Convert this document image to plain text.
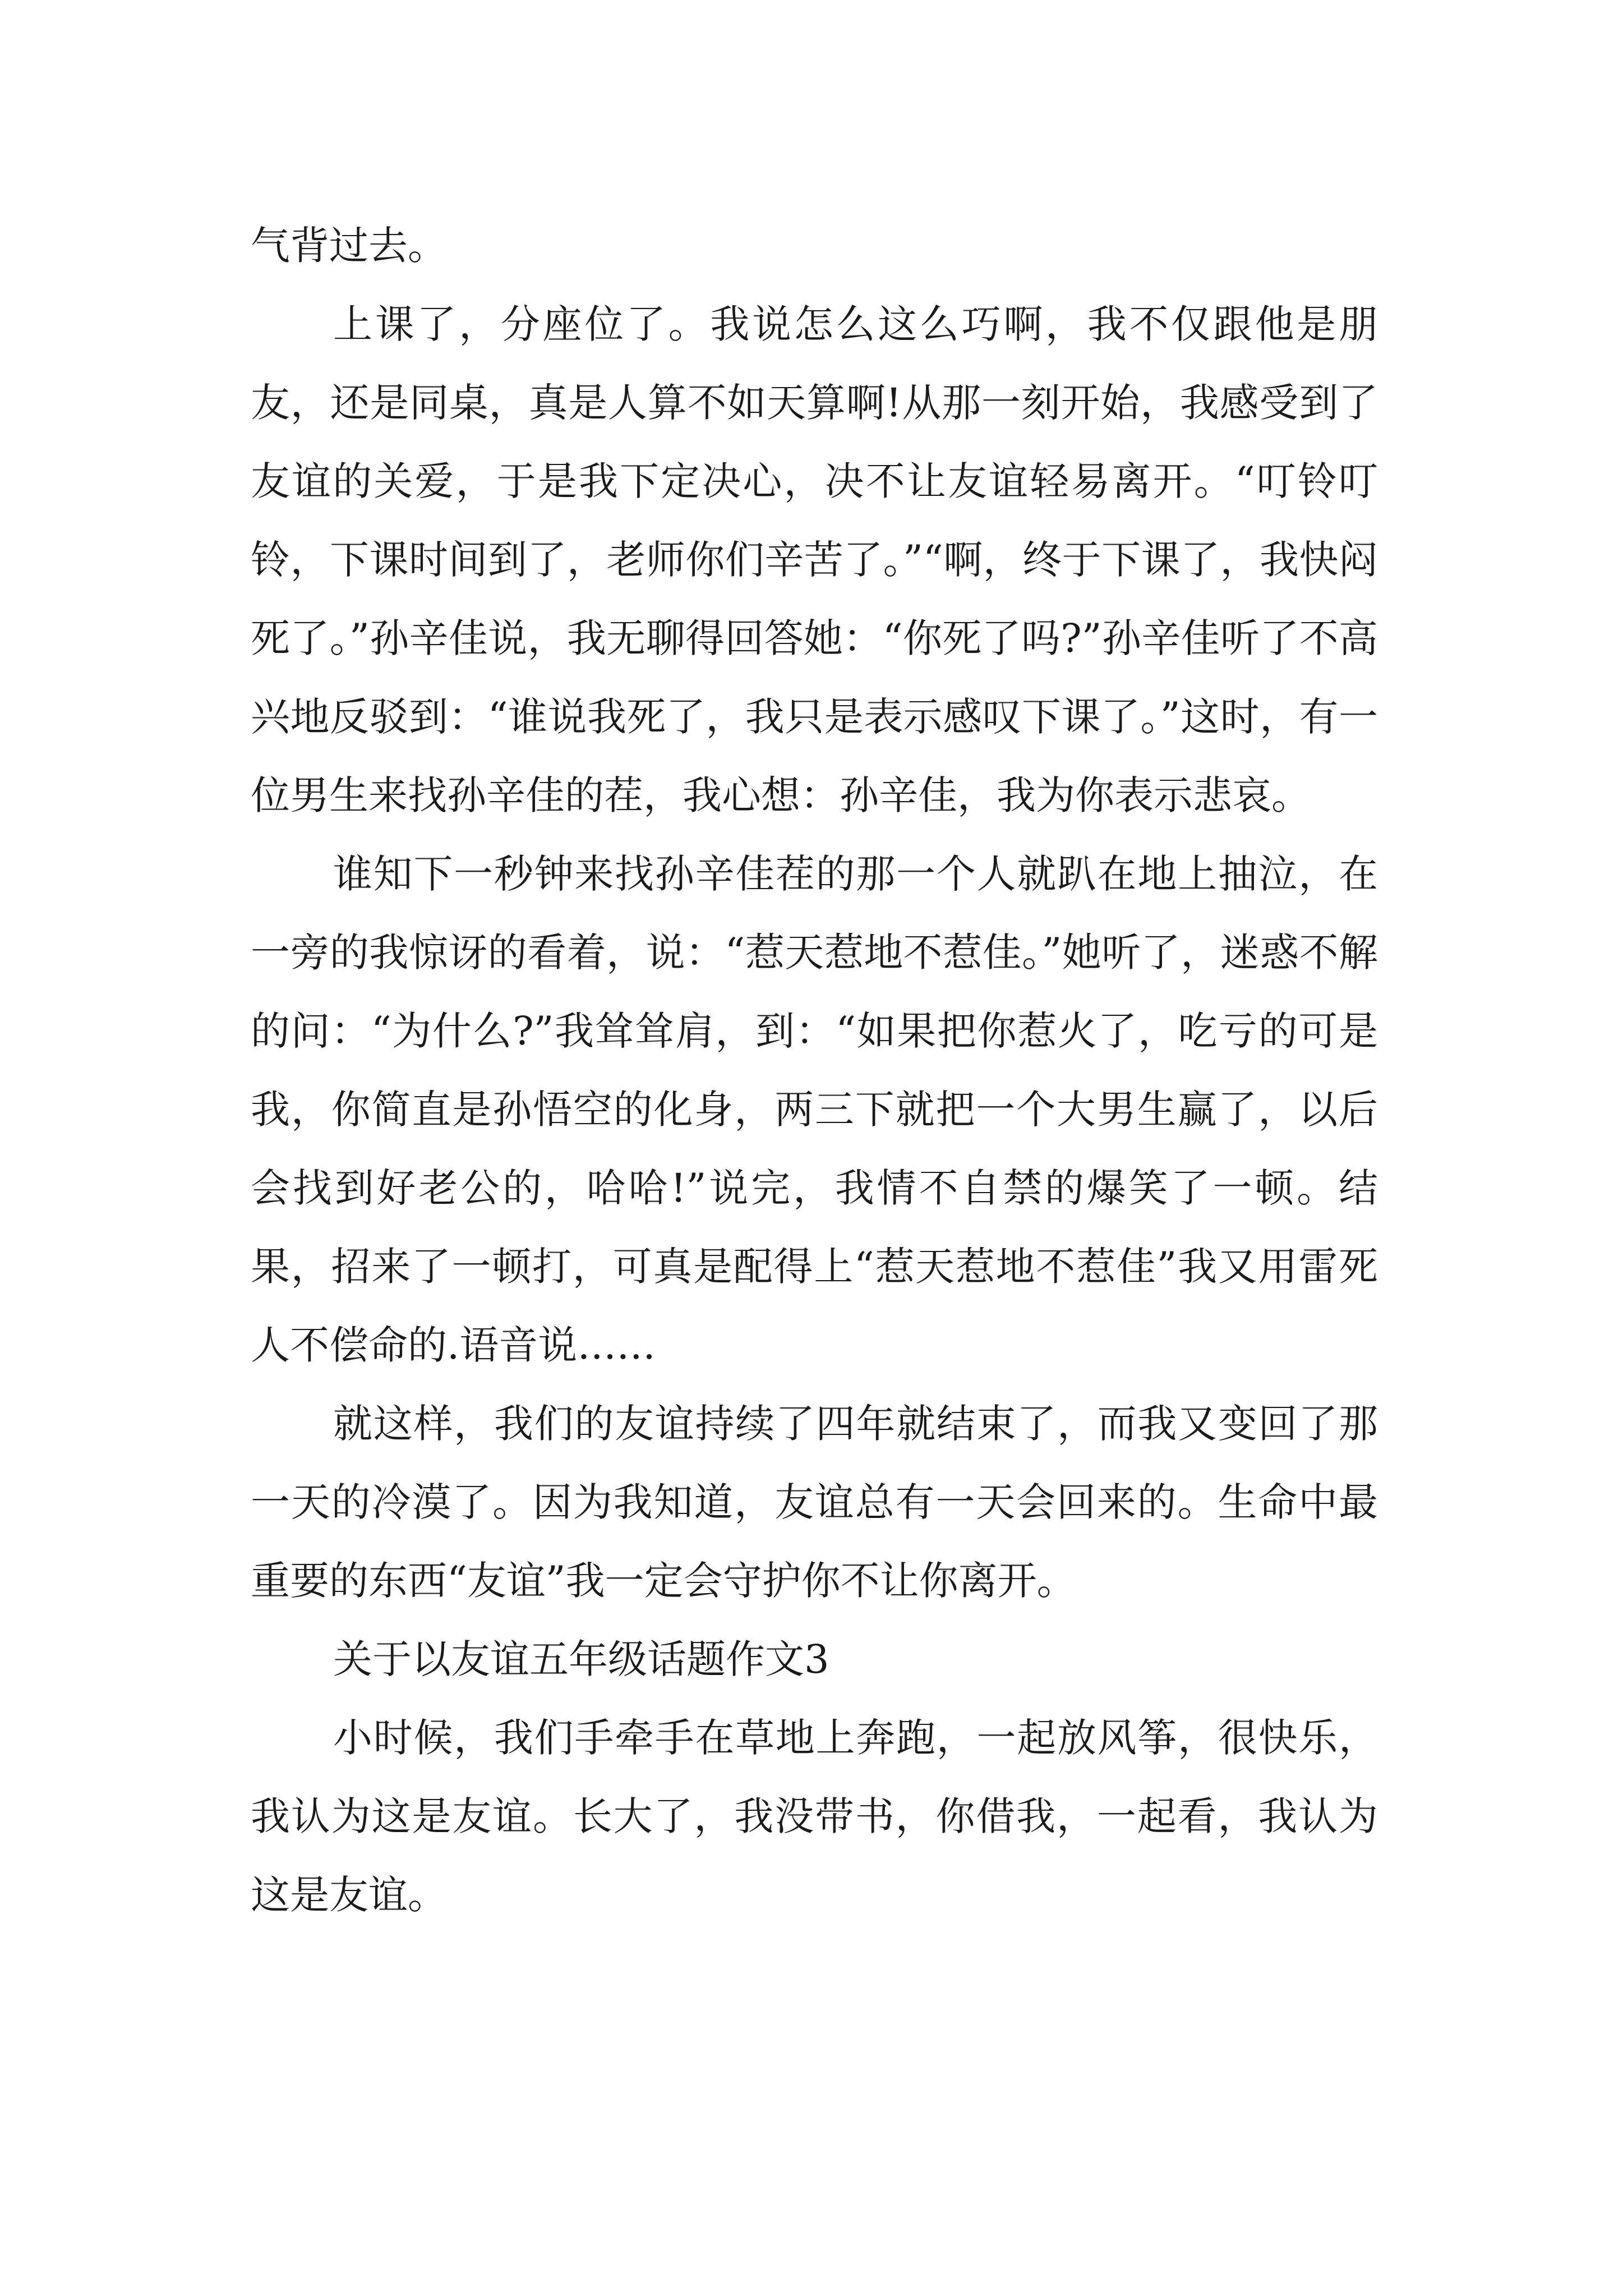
气背过去。

上课了，分座位了。我说怎么这么巧啊，我不仅跟他是朋友，还是同桌，真是人算不如天算啊!从那一刻开始，我感受到了友谊的关爱，于是我下定决心，决不让友谊轻易离开。“叮铃叮铃，下课时间到了，老师你们辛苦了。”“啊，终于下课了，我快闷死了。”孙辛佳说，我无聊得回答她：“你死了吗?”孙辛佳听了不高兴地反驳到：“谁说我死了，我只是表示感叹下课了。”这时，有一位男生来找孙辛佳的茬，我心想：孙辛佳，我为你表示悲哀。

谁知下一秒钟来找孙辛佳茬的那一个人就趴在地上抽泣，在一旁的我惊讶的看着，说：“惹天惹地不惹佳。”她听了，迷惑不解的问：“为什么?”我耸耸肩，到：“如果把你惹火了，吃亏的可是我，你简直是孙悟空的化身，两三下就把一个大男生赢了，以后会找到好老公的，哈哈!”说完，我情不自禁的爆笑了一顿。结果，招来了一顿打，可真是配得上“惹天惹地不惹佳”我又用雷死人不偿命的.语音说……

就这样，我们的友谊持续了四年就结束了，而我又变回了那一天的冷漠了。因为我知道，友谊总有一天会回来的。生命中最重要的东西“友谊”我一定会守护你不让你离开。

关于以友谊五年级话题作文3

小时候，我们手牵手在草地上奔跑，一起放风筝，很快乐，我认为这是友谊。长大了，我没带书，你借我，一起看，我认为这是友谊。
